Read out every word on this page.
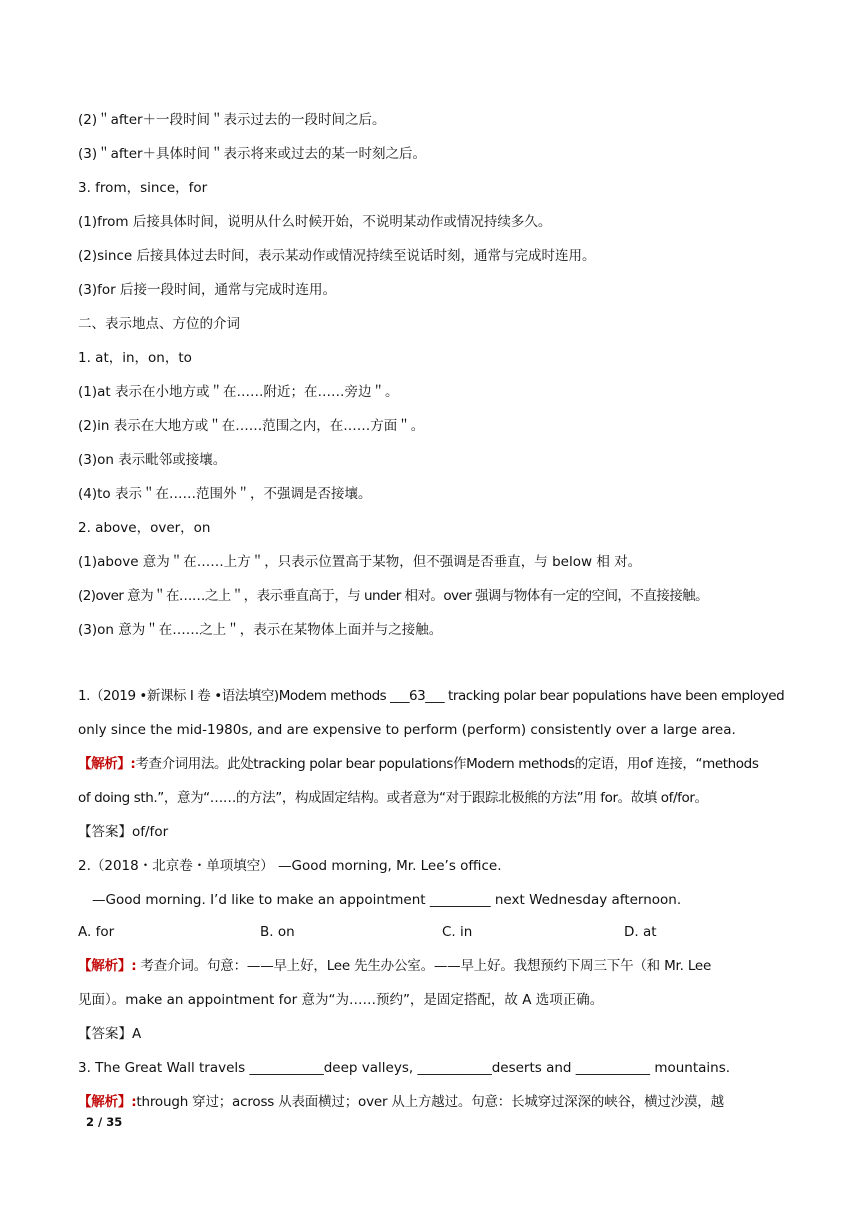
(2)＂after＋一段时间＂表示过去的一段时间之后。
(3)＂after＋具体时间＂表示将来或过去的某一时刻之后。
3. from，since，for
(1)from 后接具体时间，说明从什么时候开始，不说明某动作或情况持续多久。
(2)since 后接具体过去时间，表示某动作或情况持续至说话时刻，通常与完成时连用。
(3)for 后接一段时间，通常与完成时连用。
二、表示地点、方位的介词
1. at，in，on，to
(1)at 表示在小地方或＂在……附近；在……旁边＂。
(2)in 表示在大地方或＂在……范围之内，在……方面＂。
(3)on 表示毗邻或接壤。
(4)to 表示＂在……范围外＂，不强调是否接壤。
2. above，over，on
(1)above 意为＂在……上方＂，只表示位置高于某物，但不强调是否垂直，与 below 相 对。
(2)over 意为＂在……之上＂，表示垂直高于，与 under 相对。over 强调与物体有一定的空间，不直接接触。
(3)on 意为＂在……之上＂，表示在某物体上面并与之接触。
1.（2019 •新课标 I 卷 •语法填空)Modem methods ___63___ tracking polar bear populations have been employed
only since the mid-1980s, and are expensive to perform (perform) consistently over a large area.
【解析】:考查介词用法。此处tracking polar bear populations作Modern methods的定语，用of 连接，“methods
of doing sth.”，意为“……的方法”，构成固定结构。或者意为“对于跟踪北极熊的方法”用 for。故填 of/for。
【答案】of/for
2.（2018・北京卷・单项填空） —Good morning, Mr. Lee’s office.
—Good morning. I’d like to make an appointment _________ next Wednesday afternoon.
A. for	B. on	C. in	D. at
【解析】: 考查介词。句意：——早上好，Lee 先生办公室。——早上好。我想预约下周三下午（和 Mr. Lee
见面）。make an appointment for 意为“为……预约”，是固定搭配，故 A 选项正确。
【答案】A
3. The Great Wall travels ___________deep valleys, ___________deserts and ___________ mountains.
【解析】:through 穿过；across 从表面横过；over 从上方越过。句意：长城穿过深深的峡谷，横过沙漠，越
2 / 35
